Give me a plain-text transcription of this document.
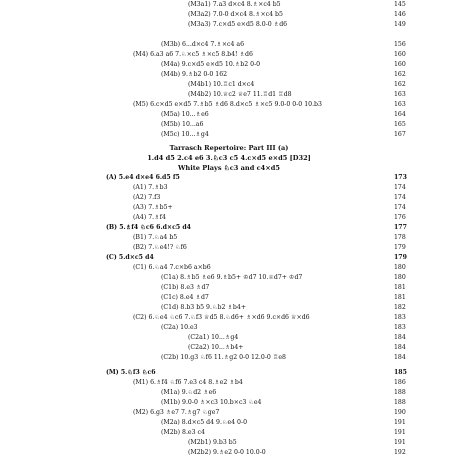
(M3a1) 7.a3 d×c4 8.♗×c4 b5	145
(M3a2) 7.0-0 d×c4 8.♗×c4 b5	146
(M3a3) 7.c×d5 e×d5 8.0-0 ♗d6	149
(M3b) 6...d×c4 7.♗×c4 a6	156
(M4) 6.a3 a6 7.♘×c5 ♗×c5 8.b4! ♗d6	160
(M4a) 9.c×d5 e×d5 10.♗b2 0-0	160
(M4b) 9.♗b2 0-0 162	162
(M4b1) 10.♖c1 d×c4	162
(M4b2) 10.♕c2 ♕e7 11.♖d1 ♖d8	163
(M5) 6.c×d5 e×d5 7.♗b5 ♗d6 8.d×c5 ♗×c5 9.0-0 0-0 10.b3	163
(M5a) 10...♗e6	164
(M5b) 10...a6	165
(M5c) 10...♗g4	167
Tarrasch Repertoire: Part III (a)
1.d4 d5 2.c4 e6 3.♘c3 c5 4.c×d5 e×d5 [D32]
White Plays ♘c3 and c4×d5
(A) 5.e4 d×e4 6.d5 f5	173
(A1) 7.♗b3	174
(A2) 7.f3	174
(A3) 7.♗b5+	174
(A4) 7.♗f4	176
(B) 5.♗f4 ♘c6 6.d×c5 d4	177
(B1) 7.♘a4 b5	178
(B2) 7.♘e4!? ♘f6	179
(C) 5.d×c5 d4	179
(C1) 6.♘a4 7.c×b6 a×b6	180
(C1a) 8.♗b5 ♗e6 9.♗b5+ ♔d7 10.♕d7+ ♔d7	180
(C1b) 8.e3 ♗d7	181
(C1c) 8.e4 ♗d7	181
(C1d) 8.b3 b5 9.♘b2 ♗b4+	182
(C2) 6.♘e4 ♘c6 7.♘f3 ♕d5 8.♘d6+ ♗×d6 9.c×d6 ♕×d6	183
(C2a) 10.e3	183
(C2a1) 10...♗g4	184
(C2a2) 10...♗b4+	184
(C2b) 10.g3 ♘f6 11.♗g2 0-0 12.0-0 ♖e8	184
(M) 5.♘f3 ♘c6	185
(M1) 6.♗f4 ♘f6 7.e3 c4 8.♗e2 ♗b4	186
(M1a) 9.♘d2 ♗e6	188
(M1b) 9.0-0 ♗×c3 10.b×c3 ♘e4	188
(M2) 6.g3 ♗e7 7.♗g7 ♘ge7	190
(M2a) 8.d×c5 d4 9.♘e4 0-0	191
(M2b) 8.e3 c4	191
(M2b1) 9.b3 b5	191
(M2b2) 9.♗e2 0-0 10.0-0	192
